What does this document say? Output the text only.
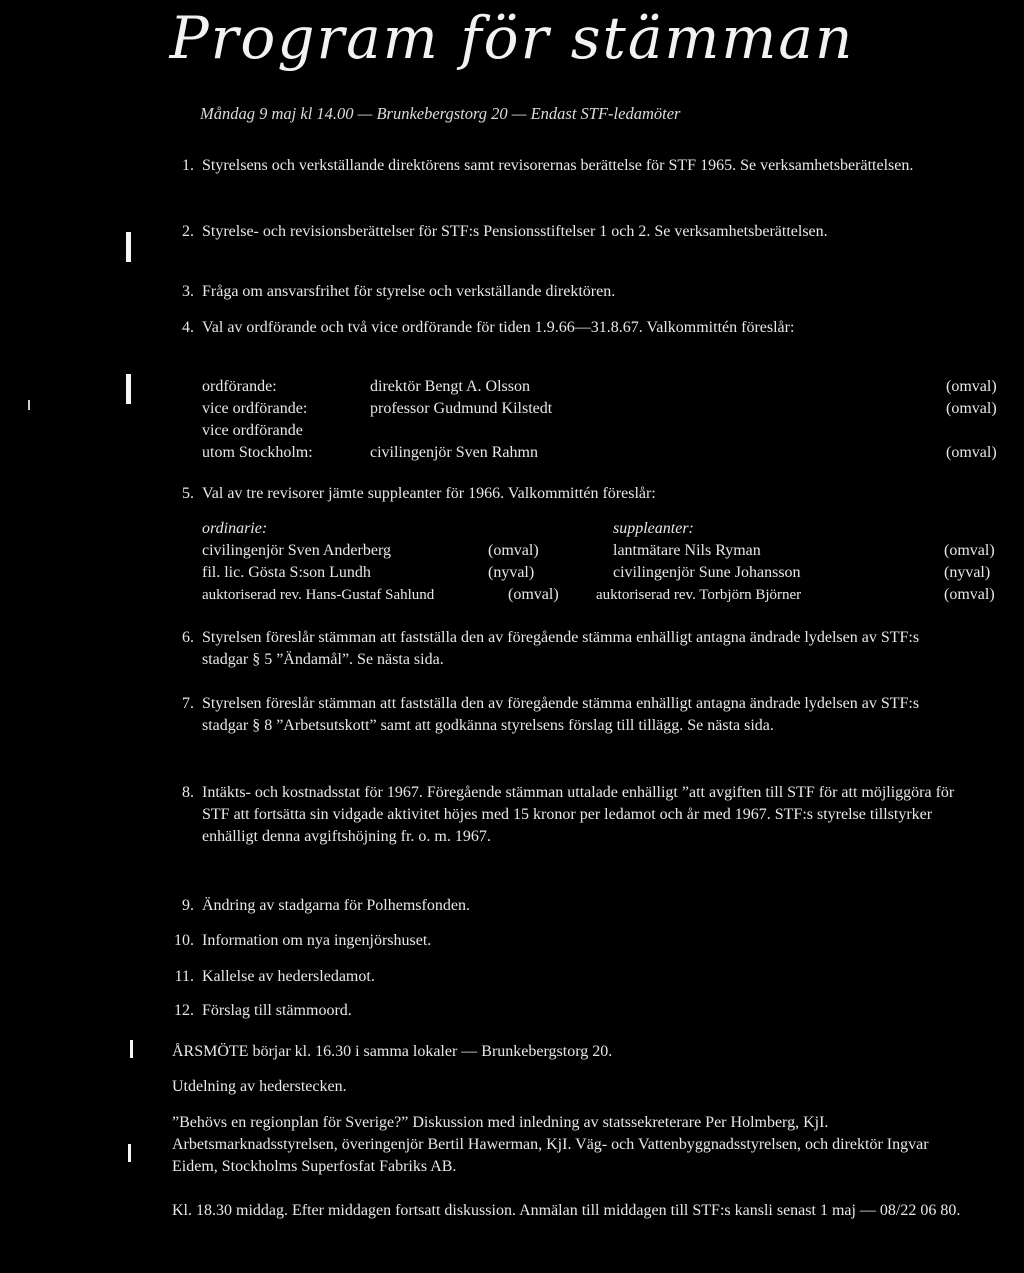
Program för stämman
Måndag 9 maj kl 14.00 — Brunkebergstorg 20 — Endast STF-ledamöter
1. Styrelsens och verkställande direktörens samt revisorernas berättelse för STF 1965. Se verksamhetsberättelsen.
2. Styrelse- och revisionsberättelser för STF:s Pensionsstiftelser 1 och 2. Se verksamhetsberättelsen.
3. Fråga om ansvarsfrihet för styrelse och verkställande direktören.
4. Val av ordförande och två vice ordförande för tiden 1.9.66—31.8.67. Valkommittén föreslår:
ordförande:	direktör Bengt A. Olsson	(omval)
vice ordförande:	professor Gudmund Kilstedt	(omval)
vice ordförande
utom Stockholm:	civilingenjör Sven Rahmn	(omval)
5. Val av tre revisorer jämte suppleanter för 1966. Valkommittén föreslår:
ordinarie:	suppleanter:
civilingenjör Sven Anderberg	(omval)	lantmätare Nils Ryman	(omval)
fil. lic. Gösta S:son Lundh	(nyval)	civilingenjör Sune Johansson	(nyval)
auktoriserad rev. Hans-Gustaf Sahlund	(omval) auktoriserad rev. Torbjörn Björner	(omval)
6. Styrelsen föreslår stämman att fastställa den av föregående stämma enhälligt antagna ändrade lydelsen av STF:s stadgar § 5 ”Ändamål”. Se nästa sida.
7. Styrelsen föreslår stämman att fastställa den av föregående stämma enhälligt antagna ändrade lydelsen av STF:s stadgar § 8 ”Arbetsutskott” samt att godkänna styrelsens förslag till tillägg. Se nästa sida.
8. Intäkts- och kostnadsstat för 1967. Föregående stämman uttalade enhälligt ”att avgiften till STF för att möjliggöra för STF att fortsätta sin vidgade aktivitet höjes med 15 kronor per ledamot och år med 1967. STF:s styrelse tillstyrker enhälligt denna avgiftshöjning fr. o. m. 1967.
9. Ändring av stadgarna för Polhemsfonden.
10. Information om nya ingenjörshuset.
11. Kallelse av hedersledamot.
12. Förslag till stämmoord.
ÅRSMÖTE börjar kl. 16.30 i samma lokaler — Brunkebergstorg 20.
Utdelning av hederstecken.
”Behövs en regionplan för Sverige?” Diskussion med inledning av statssekreterare Per Holmberg, KjI. Arbetsmarknadsstyrelsen, överingenjör Bertil Hawerman, KjI. Väg- och Vattenbyggnadsstyrelsen, och direktör Ingvar Eidem, Stockholms Superfosfat Fabriks AB.
Kl. 18.30 middag. Efter middagen fortsatt diskussion. Anmälan till middagen till STF:s kansli senast 1 maj — 08/22 06 80.
